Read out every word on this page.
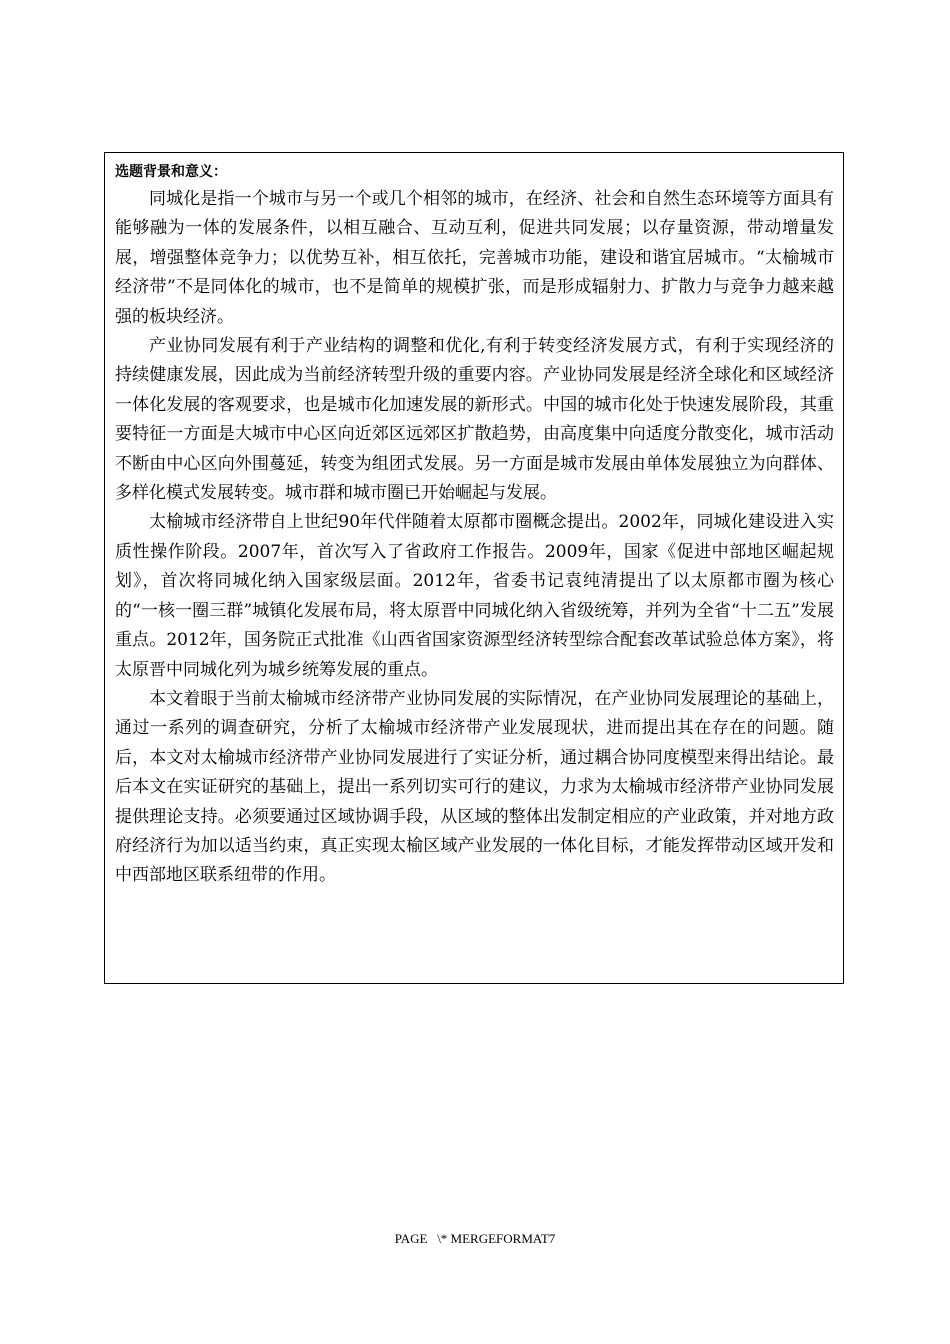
选题背景和意义：

同城化是指一个城市与另一个或几个相邻的城市，在经济、社会和自然生态环境等方面具有能够融为一体的发展条件，以相互融合、互动互利，促进共同发展；以存量资源，带动增量发展，增强整体竞争力；以优势互补，相互依托，完善城市功能，建设和谐宜居城市。“太榆城市经济带”不是同体化的城市，也不是简单的规模扩张，而是形成辐射力、扩散力与竞争力越来越强的板块经济。

产业协同发展有利于产业结构的调整和优化,有利于转变经济发展方式，有利于实现经济的持续健康发展，因此成为当前经济转型升级的重要内容。产业协同发展是经济全球化和区域经济一体化发展的客观要求，也是城市化加速发展的新形式。中国的城市化处于快速发展阶段，其重要特征一方面是大城市中心区向近郊区远郊区扩散趋势，由高度集中向适度分散变化，城市活动不断由中心区向外围蔓延，转变为组团式发展。另一方面是城市发展由单体发展独立为向群体、多样化模式发展转变。城市群和城市圈已开始崛起与发展。

太榆城市经济带自上世纪90年代伴随着太原都市圈概念提出。2002年，同城化建设进入实质性操作阶段。2007年，首次写入了省政府工作报告。2009年，国家《促进中部地区崛起规划》，首次将同城化纳入国家级层面。2012年，省委书记袁纯清提出了以太原都市圈为核心的“一核一圈三群”城镇化发展布局，将太原晋中同城化纳入省级统筹，并列为全省“十二五”发展重点。2012年，国务院正式批准《山西省国家资源型经济转型综合配套改革试验总体方案》，将太原晋中同城化列为城乡统筹发展的重点。

本文着眼于当前太榆城市经济带产业协同发展的实际情况，在产业协同发展理论的基础上，通过一系列的调查研究，分析了太榆城市经济带产业发展现状，进而提出其在存在的问题。随后，本文对太榆城市经济带产业协同发展进行了实证分析，通过耦合协同度模型来得出结论。最后本文在实证研究的基础上，提出一系列切实可行的建议，力求为太榆城市经济带产业协同发展提供理论支持。必须要通过区域协调手段，从区域的整体出发制定相应的产业政策，并对地方政府经济行为加以适当约束，真正实现太榆区域产业发展的一体化目标，才能发挥带动区域开发和中西部地区联系纽带的作用。

PAGE   \* MERGEFORMAT7
